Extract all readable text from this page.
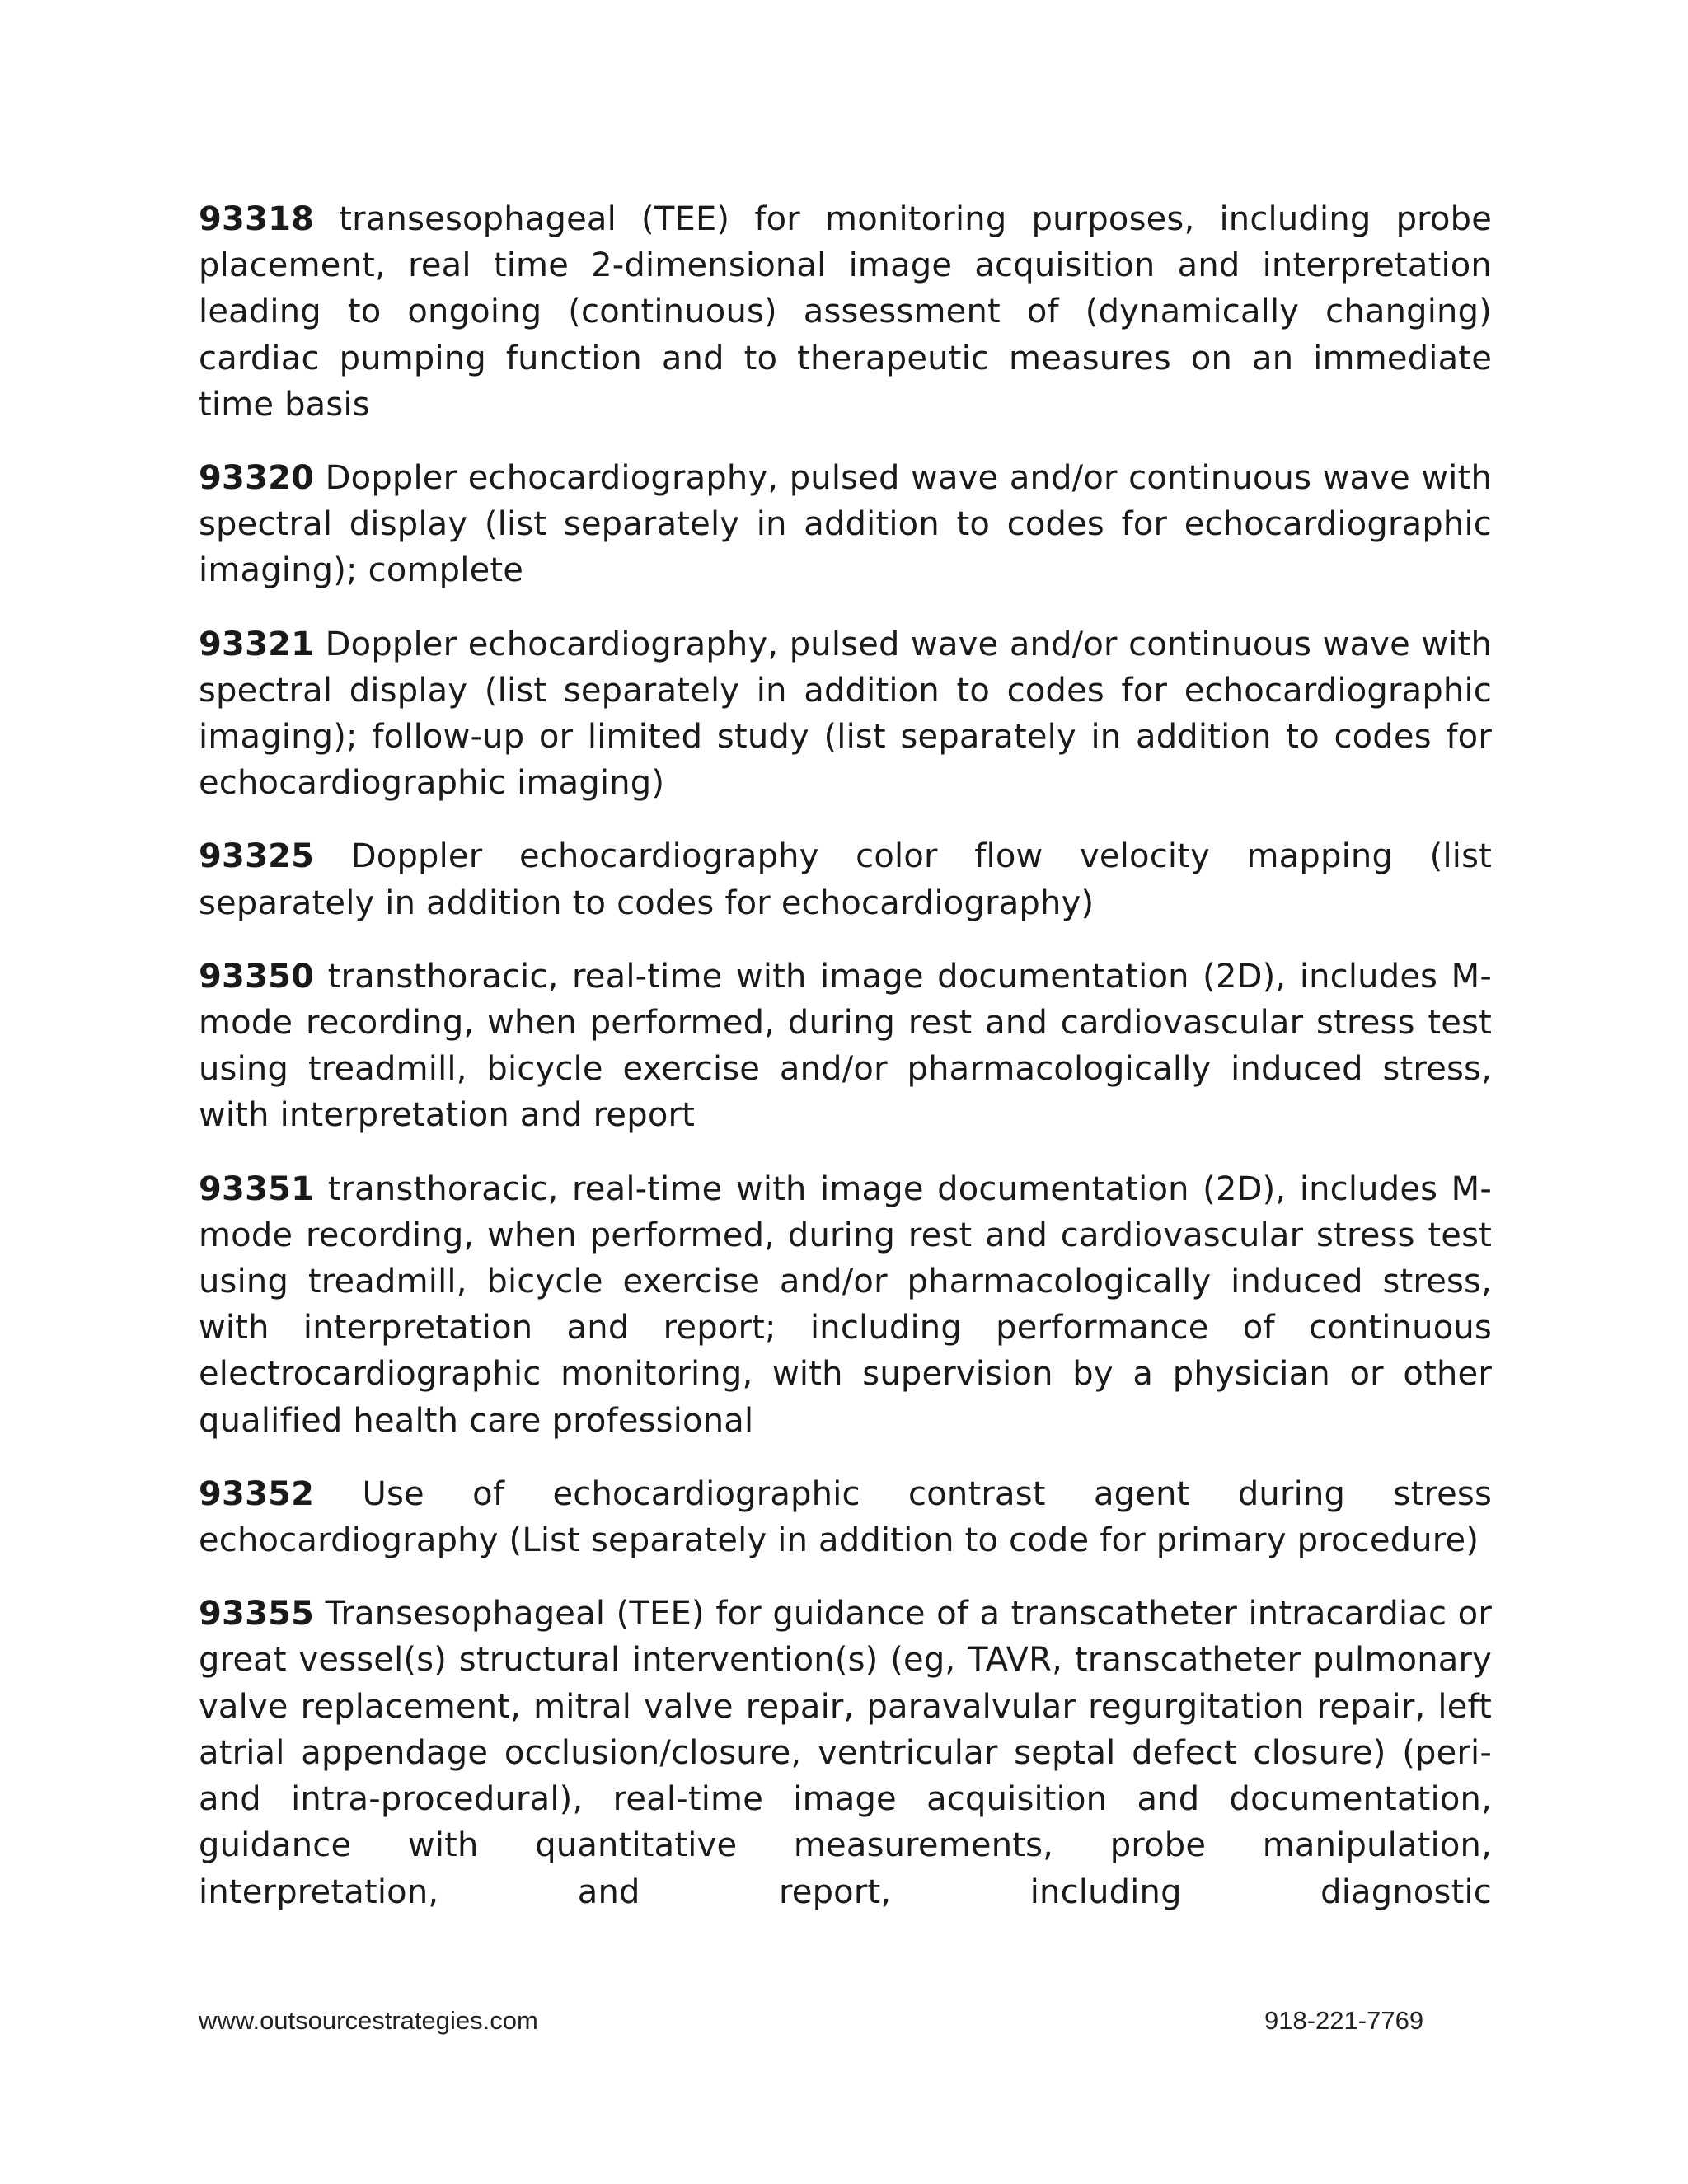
93318 transesophageal (TEE) for monitoring purposes, including probe placement, real time 2-dimensional image acquisition and interpretation leading to ongoing (continuous) assessment of (dynamically changing) cardiac pumping function and to therapeutic measures on an immediate time basis

93320 Doppler echocardiography, pulsed wave and/or continuous wave with spectral display (list separately in addition to codes for echocardiographic imaging); complete

93321 Doppler echocardiography, pulsed wave and/or continuous wave with spectral display (list separately in addition to codes for echocardiographic imaging); follow-up or limited study (list separately in addition to codes for echocardiographic imaging)

93325 Doppler echocardiography color flow velocity mapping (list separately in addition to codes for echocardiography)

93350 transthoracic, real-time with image documentation (2D), includes M-mode recording, when performed, during rest and cardiovascular stress test using treadmill, bicycle exercise and/or pharmacologically induced stress, with interpretation and report

93351 transthoracic, real-time with image documentation (2D), includes M-mode recording, when performed, during rest and cardiovascular stress test using treadmill, bicycle exercise and/or pharmacologically induced stress, with interpretation and report; including performance of continuous electrocardiographic monitoring, with supervision by a physician or other qualified health care professional

93352 Use of echocardiographic contrast agent during stress echocardiography (List separately in addition to code for primary procedure)

93355 Transesophageal (TEE) for guidance of a transcatheter intracardiac or great vessel(s) structural intervention(s) (eg, TAVR, transcatheter pulmonary valve replacement, mitral valve repair, paravalvular regurgitation repair, left atrial appendage occlusion/closure, ventricular septal defect closure) (peri-and intra-procedural), real-time image acquisition and documentation, guidance with quantitative measurements, probe manipulation, interpretation, and report, including diagnostic

www.outsourcestrategies.com	918-221-7769
